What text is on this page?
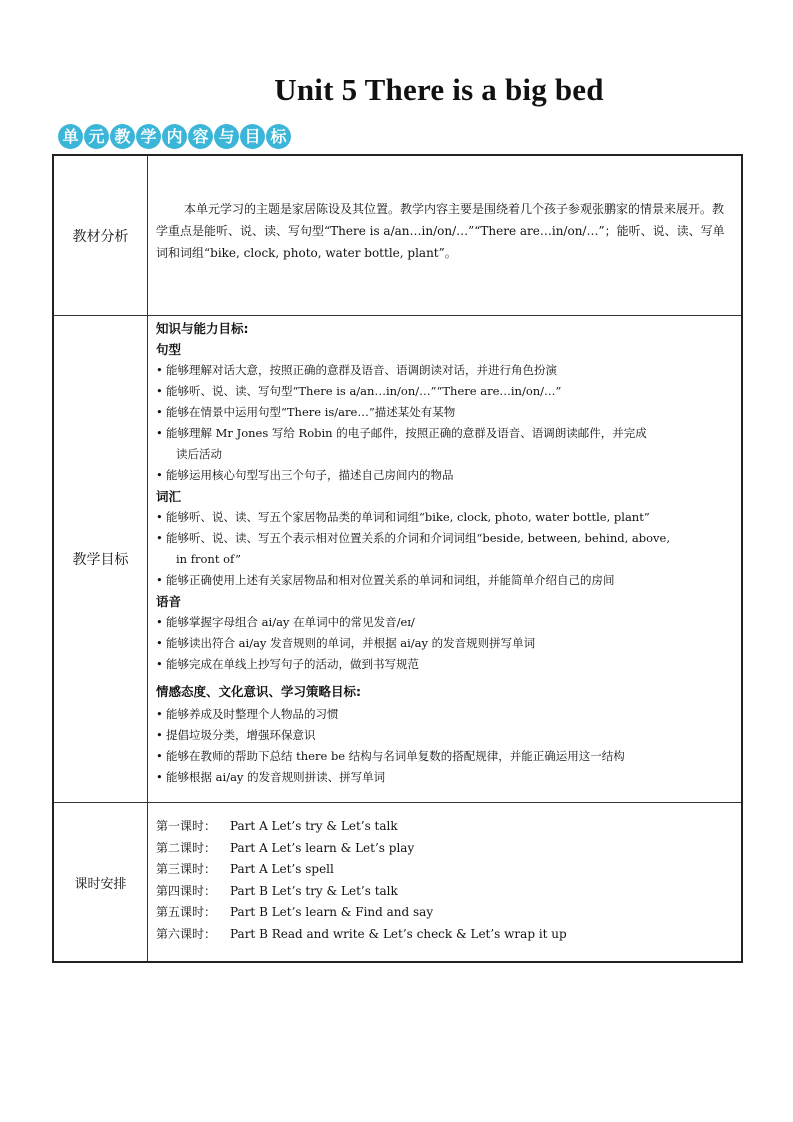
Unit 5 There is a big bed
单 元 教 学 内 容 与 目 标
教材分析

本单元学习的主题是家居陈设及其位置。教学内容主要是围绕着几个孩子参观张鹏家的情景来展开。教学重点是能听、说、读、写句型“There is a/an…in/on/…”“There are…in/on/…”；能听、说、读、写单词和词组“bike, clock, photo, water bottle, plant”。

教学目标
知识与能力目标:
句型
• 能够理解对话大意，按照正确的意群及语音、语调朗读对话，并进行角色扮演
• 能够听、说、读、写句型“There is a/an…in/on/…”“There are…in/on/…”
• 能够在情景中运用句型“There is/are…”描述某处有某物
• 能够理解 Mr Jones 写给 Robin 的电子邮件，按照正确的意群及语音、语调朗读邮件，并完成
读后活动
• 能够运用核心句型写出三个句子，描述自己房间内的物品
词汇
• 能够听、说、读、写五个家居物品类的单词和词组“bike, clock, photo, water bottle, plant”
• 能够听、说、读、写五个表示相对位置关系的介词和介词词组“beside, between, behind, above,
in front of”
• 能够正确使用上述有关家居物品和相对位置关系的单词和词组，并能简单介绍自己的房间
语音
• 能够掌握字母组合 ai/ay 在单词中的常见发音/eɪ/
• 能够读出符合 ai/ay 发音规则的单词，并根据 ai/ay 的发音规则拼写单词
• 能够完成在单线上抄写句子的活动，做到书写规范
情感态度、文化意识、学习策略目标:
• 能够养成及时整理个人物品的习惯
• 提倡垃圾分类，增强环保意识
• 能够在教师的帮助下总结 there be 结构与名词单复数的搭配规律，并能正确运用这一结构
• 能够根据 ai/ay 的发音规则拼读、拼写单词
课时安排
第一课时：	Part A Let’s try & Let’s talk
第二课时：	Part A Let’s learn & Let’s play
第三课时：	Part A Let’s spell
第四课时：	Part B Let’s try & Let’s talk
第五课时：	Part B Let’s learn & Find and say
第六课时：	Part B Read and write & Let’s check & Let’s wrap it up
